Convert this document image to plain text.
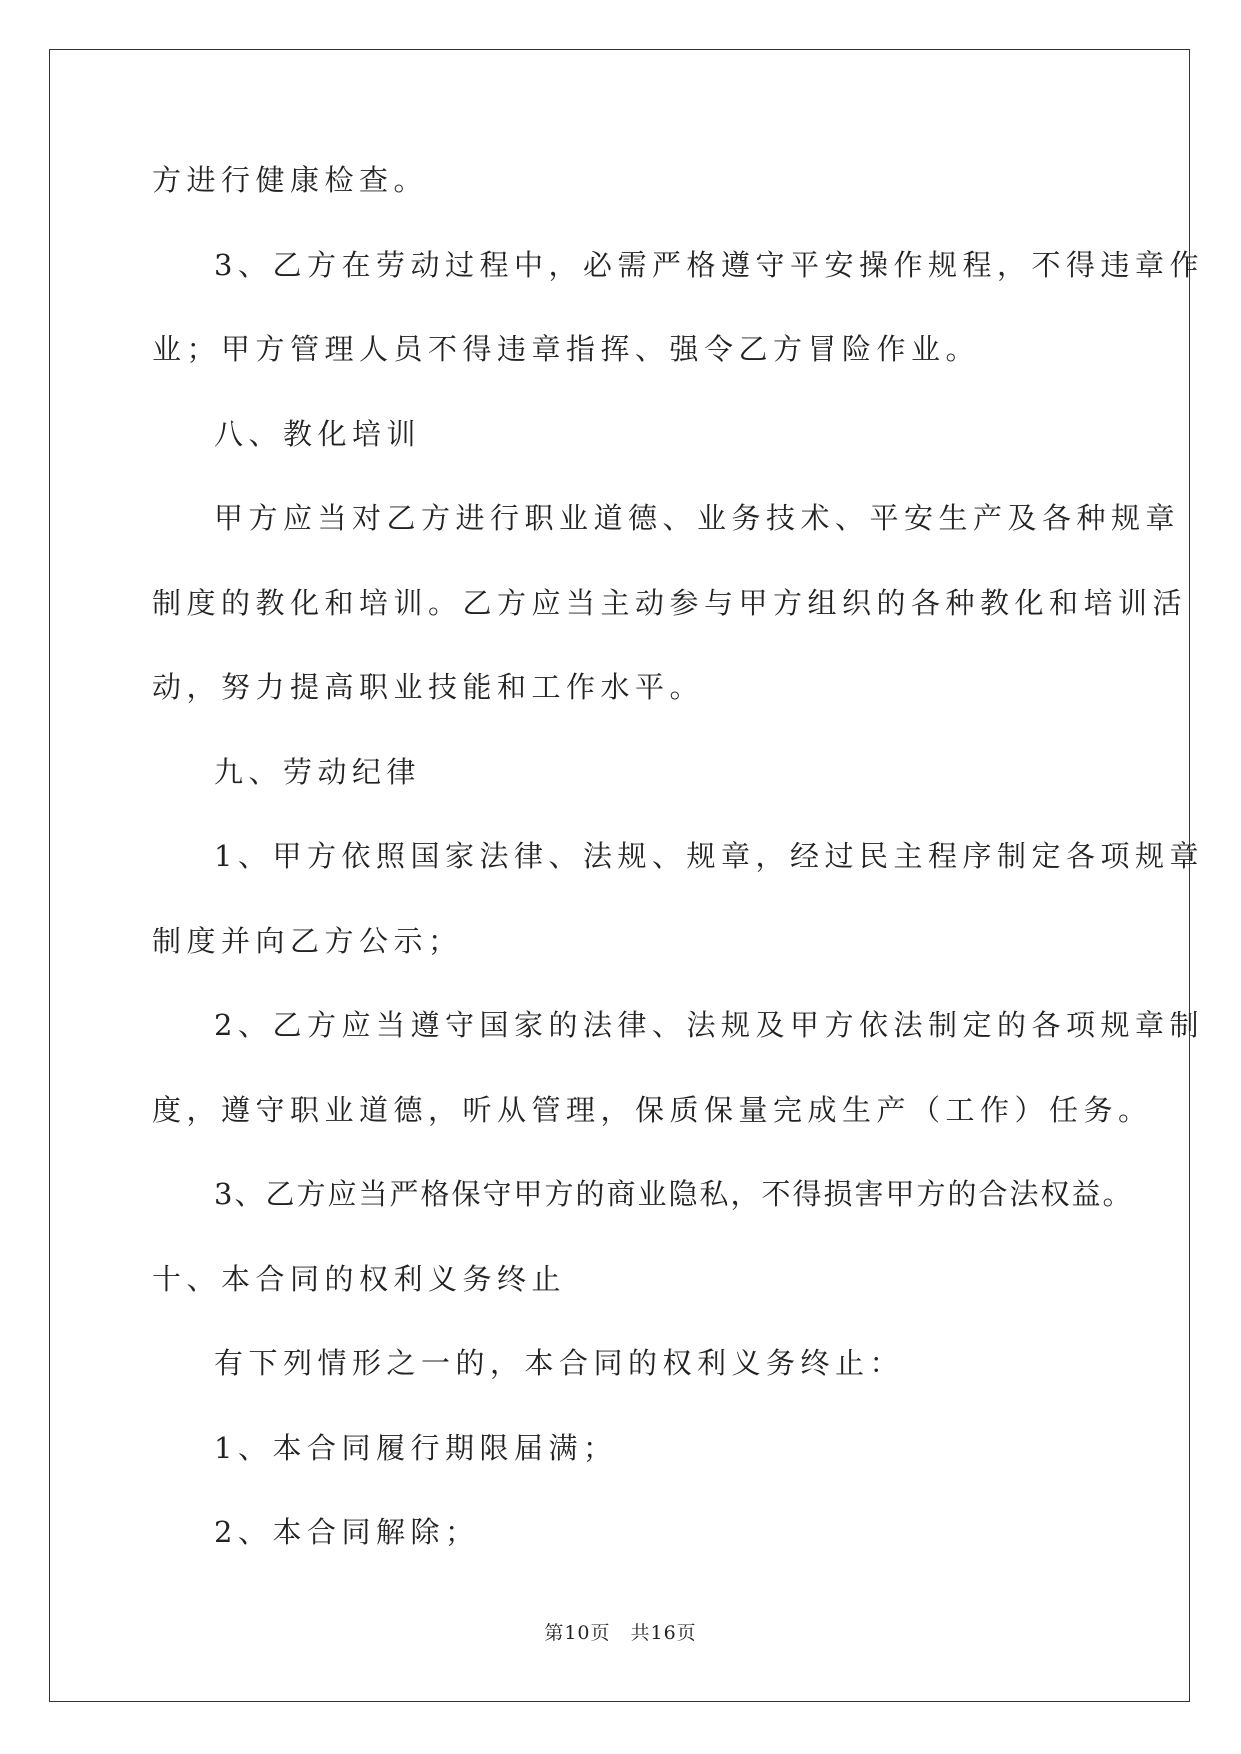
方进行健康检查。
3、乙方在劳动过程中，必需严格遵守平安操作规程，不得违章作
业；甲方管理人员不得违章指挥、强令乙方冒险作业。
八、教化培训
甲方应当对乙方进行职业道德、业务技术、平安生产及各种规章
制度的教化和培训。乙方应当主动参与甲方组织的各种教化和培训活
动，努力提高职业技能和工作水平。
九、劳动纪律
1、甲方依照国家法律、法规、规章，经过民主程序制定各项规章
制度并向乙方公示；
2、乙方应当遵守国家的法律、法规及甲方依法制定的各项规章制
度，遵守职业道德，听从管理，保质保量完成生产（工作）任务。
3、乙方应当严格保守甲方的商业隐私，不得损害甲方的合法权益。
十、本合同的权利义务终止
有下列情形之一的，本合同的权利义务终止：
1、本合同履行期限届满；
2、本合同解除；
第10页　共16页
